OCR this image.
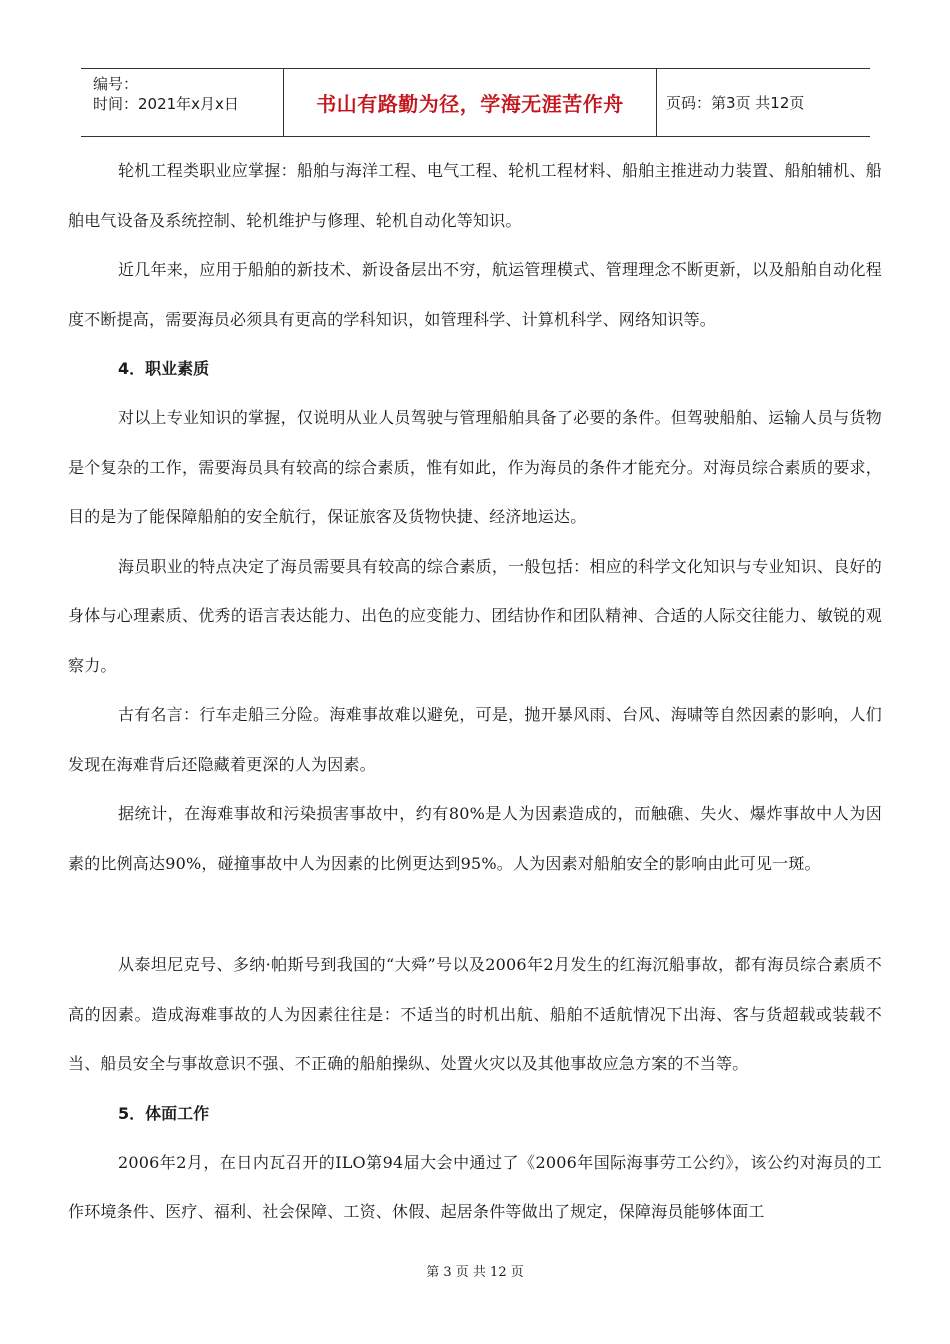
编号：
时间：2021年x月x日	书山有路勤为径，学海无涯苦作舟	页码：第3页 共12页

轮机工程类职业应掌握：船舶与海洋工程、电气工程、轮机工程材料、船舶主推进动力装置、船舶辅机、船舶电气设备及系统控制、轮机维护与修理、轮机自动化等知识。

近几年来，应用于船舶的新技术、新设备层出不穷，航运管理模式、管理理念不断更新，以及船舶自动化程度不断提高，需要海员必须具有更高的学科知识，如管理科学、计算机科学、网络知识等。

4．职业素质

对以上专业知识的掌握，仅说明从业人员驾驶与管理船舶具备了必要的条件。但驾驶船舶、运输人员与货物是个复杂的工作，需要海员具有较高的综合素质，惟有如此，作为海员的条件才能充分。对海员综合素质的要求，目的是为了能保障船舶的安全航行，保证旅客及货物快捷、经济地运达。

海员职业的特点决定了海员需要具有较高的综合素质，一般包括：相应的科学文化知识与专业知识、良好的身体与心理素质、优秀的语言表达能力、出色的应变能力、团结协作和团队精神、合适的人际交往能力、敏锐的观察力。

古有名言：行车走船三分险。海难事故难以避免，可是，抛开暴风雨、台风、海啸等自然因素的影响，人们发现在海难背后还隐藏着更深的人为因素。

据统计，在海难事故和污染损害事故中，约有80%是人为因素造成的，而触礁、失火、爆炸事故中人为因素的比例高达90%，碰撞事故中人为因素的比例更达到95%。人为因素对船舶安全的影响由此可见一斑。

从泰坦尼克号、多纳·帕斯号到我国的“大舜”号以及2006年2月发生的红海沉船事故，都有海员综合素质不高的因素。造成海难事故的人为因素往往是：不适当的时机出航、船舶不适航情况下出海、客与货超载或装载不当、船员安全与事故意识不强、不正确的船舶操纵、处置火灾以及其他事故应急方案的不当等。

5．体面工作

2006年2月，在日内瓦召开的ILO第94届大会中通过了《2006年国际海事劳工公约》，该公约对海员的工作环境条件、医疗、福利、社会保障、工资、休假、起居条件等做出了规定，保障海员能够体面工

第 3 页 共 12 页
